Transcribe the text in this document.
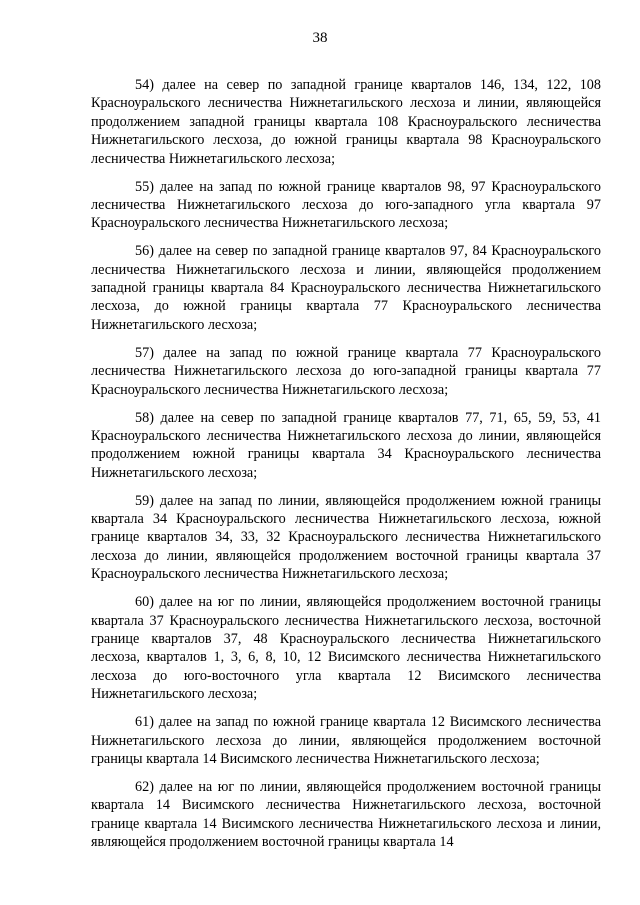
38

54) далее на север по западной границе кварталов 146, 134, 122, 108 Красноуральского лесничества Нижнетагильского лесхоза и линии, являющейся продолжением западной границы квартала 108 Красноуральского лесничества Нижнетагильского лесхоза, до южной границы квартала 98 Красноуральского лесничества Нижнетагильского лесхоза;

55) далее на запад по южной границе кварталов 98, 97 Красноуральского лесничества Нижнетагильского лесхоза до юго-западного угла квартала 97 Красноуральского лесничества Нижнетагильского лесхоза;

56) далее на север по западной границе кварталов 97, 84 Красноуральского лесничества Нижнетагильского лесхоза и линии, являющейся продолжением западной границы квартала 84 Красноуральского лесничества Нижнетагильского лесхоза, до южной границы квартала 77 Красноуральского лесничества Нижнетагильского лесхоза;

57) далее на запад по южной границе квартала 77 Красноуральского лесничества Нижнетагильского лесхоза до юго-западной границы квартала 77 Красноуральского лесничества Нижнетагильского лесхоза;

58) далее на север по западной границе кварталов 77, 71, 65, 59, 53, 41 Красноуральского лесничества Нижнетагильского лесхоза до линии, являющейся продолжением южной границы квартала 34 Красноуральского лесничества Нижнетагильского лесхоза;

59) далее на запад по линии, являющейся продолжением южной границы квартала 34 Красноуральского лесничества Нижнетагильского лесхоза, южной границе кварталов 34, 33, 32 Красноуральского лесничества Нижнетагильского лесхоза до линии, являющейся продолжением восточной границы квартала 37 Красноуральского лесничества Нижнетагильского лесхоза;

60) далее на юг по линии, являющейся продолжением восточной границы квартала 37 Красноуральского лесничества Нижнетагильского лесхоза, восточной границе кварталов 37, 48 Красноуральского лесничества Нижнетагильского лесхоза, кварталов 1, 3, 6, 8, 10, 12 Висимского лесничества Нижнетагильского лесхоза до юго-восточного угла квартала 12 Висимского лесничества Нижнетагильского лесхоза;

61) далее на запад по южной границе квартала 12 Висимского лесничества Нижнетагильского лесхоза до линии, являющейся продолжением восточной границы квартала 14 Висимского лесничества Нижнетагильского лесхоза;

62) далее на юг по линии, являющейся продолжением восточной границы квартала 14 Висимского лесничества Нижнетагильского лесхоза, восточной границе квартала 14 Висимского лесничества Нижнетагильского лесхоза и линии, являющейся продолжением восточной границы квартала 14
